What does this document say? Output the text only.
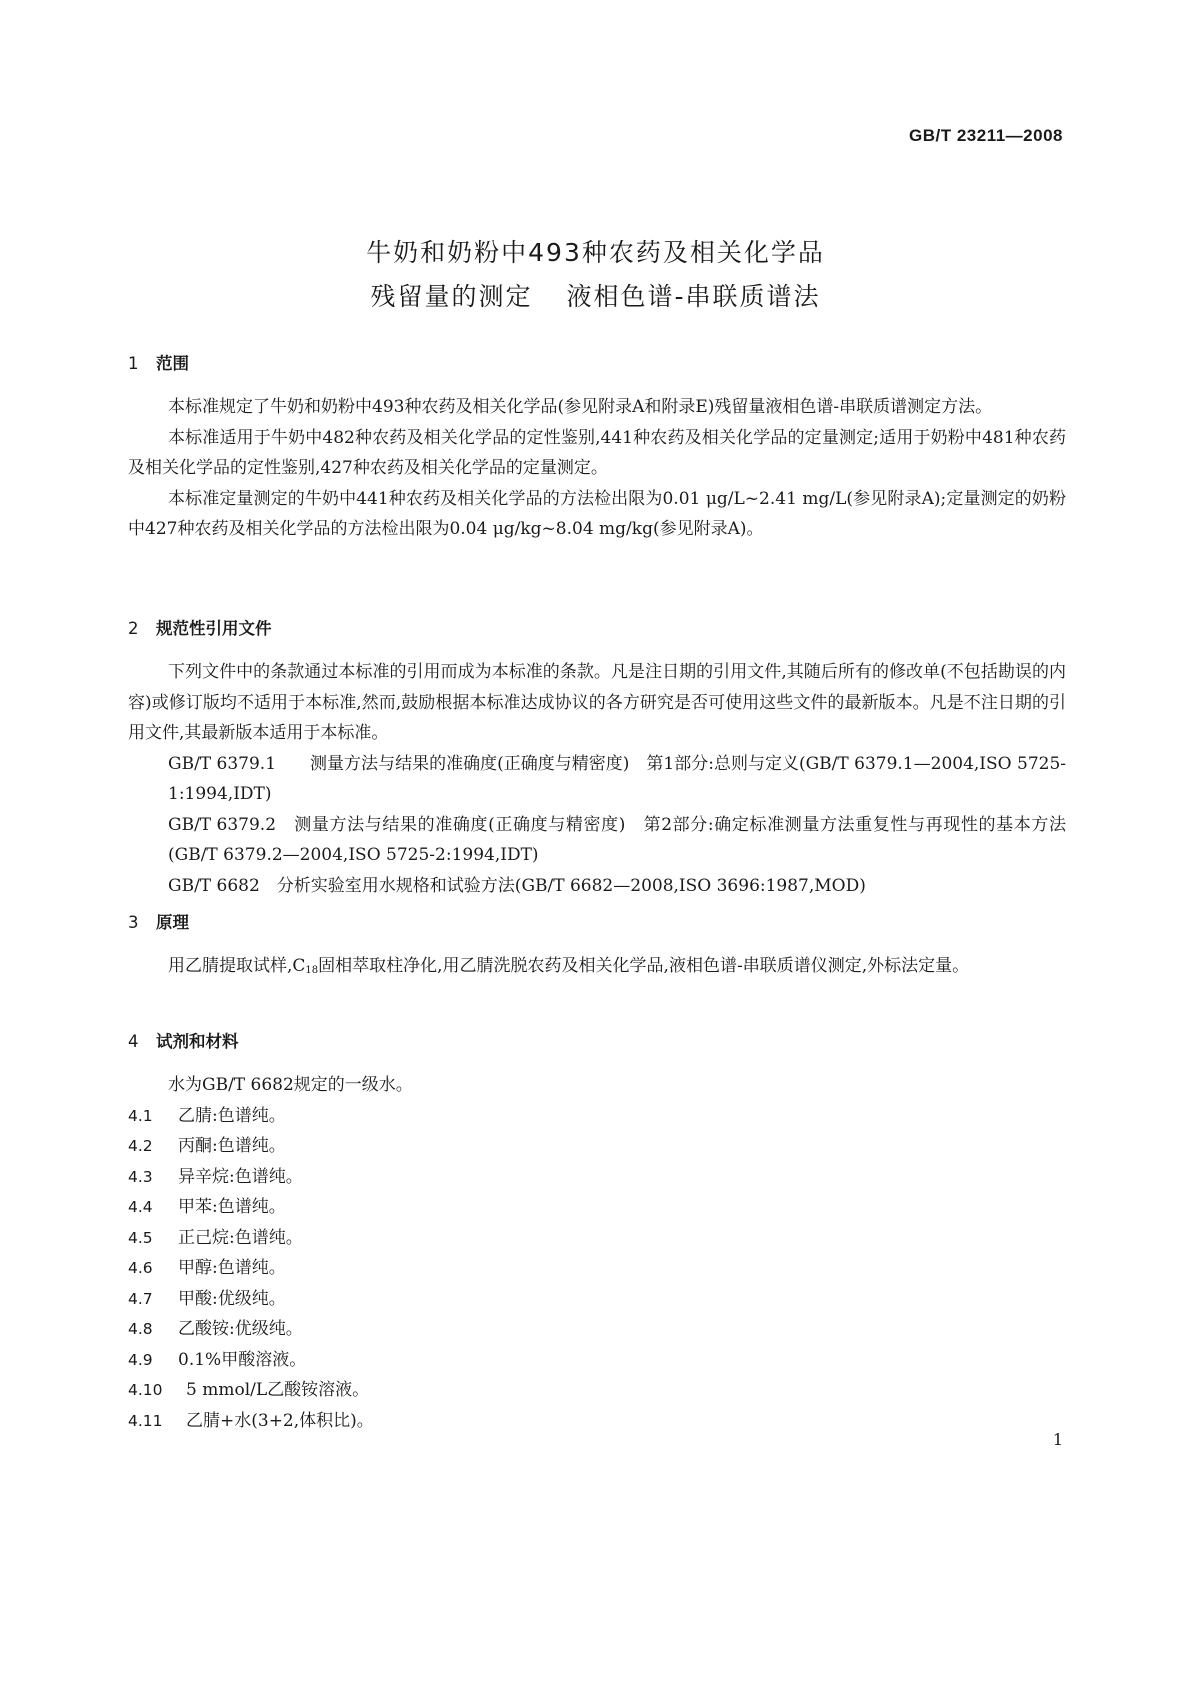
GB/T 23211—2008
牛奶和奶粉中493种农药及相关化学品
残留量的测定 液相色谱-串联质谱法
1 范围

本标准规定了牛奶和奶粉中493种农药及相关化学品(参见附录A和附录E)残留量液相色谱-串联质谱测定方法。

本标准适用于牛奶中482种农药及相关化学品的定性鉴别,441种农药及相关化学品的定量测定;适用于奶粉中481种农药及相关化学品的定性鉴别,427种农药及相关化学品的定量测定。

本标准定量测定的牛奶中441种农药及相关化学品的方法检出限为0.01 μg/L~2.41 mg/L(参见附录A);定量测定的奶粉中427种农药及相关化学品的方法检出限为0.04 μg/kg~8.04 mg/kg(参见附录A)。

2 规范性引用文件

下列文件中的条款通过本标准的引用而成为本标准的条款。凡是注日期的引用文件,其随后所有的修改单(不包括勘误的内容)或修订版均不适用于本标准,然而,鼓励根据本标准达成协议的各方研究是否可使用这些文件的最新版本。凡是不注日期的引用文件,其最新版本适用于本标准。

GB/T 6379.1　　 测量方法与结果的准确度(正确度与精密度)　第1部分:总则与定义(GB/T 6379.1—2004,ISO 5725-1:1994,IDT)

GB/T 6379.2　 测量方法与结果的准确度(正确度与精密度)　第2部分:确定标准测量方法重复性与再现性的基本方法(GB/T 6379.2—2004,ISO 5725-2:1994,IDT)

GB/T 6682　 分析实验室用水规格和试验方法(GB/T 6682—2008,ISO 3696:1987,MOD)

3 原理

用乙腈提取试样$,C_{18}$固相萃取柱净化,用乙腈洗脱农药及相关化学品,液相色谱-串联质谱仪测定,外标法定量。

4 试剂和材料

水为GB/T 6682规定的一级水。

4.1 乙腈:色谱纯。
4.2 丙酮:色谱纯。
4.3 异辛烷:色谱纯。
4.4 甲苯:色谱纯。
4.5 正己烷:色谱纯。
4.6 甲醇:色谱纯。
4.7 甲酸:优级纯。
4.8 乙酸铵:优级纯。
4.9 0.1%甲酸溶液。
4.10 5 mmol/L乙酸铵溶液。
4.11 乙腈+水(3+2,体积比)。
1
